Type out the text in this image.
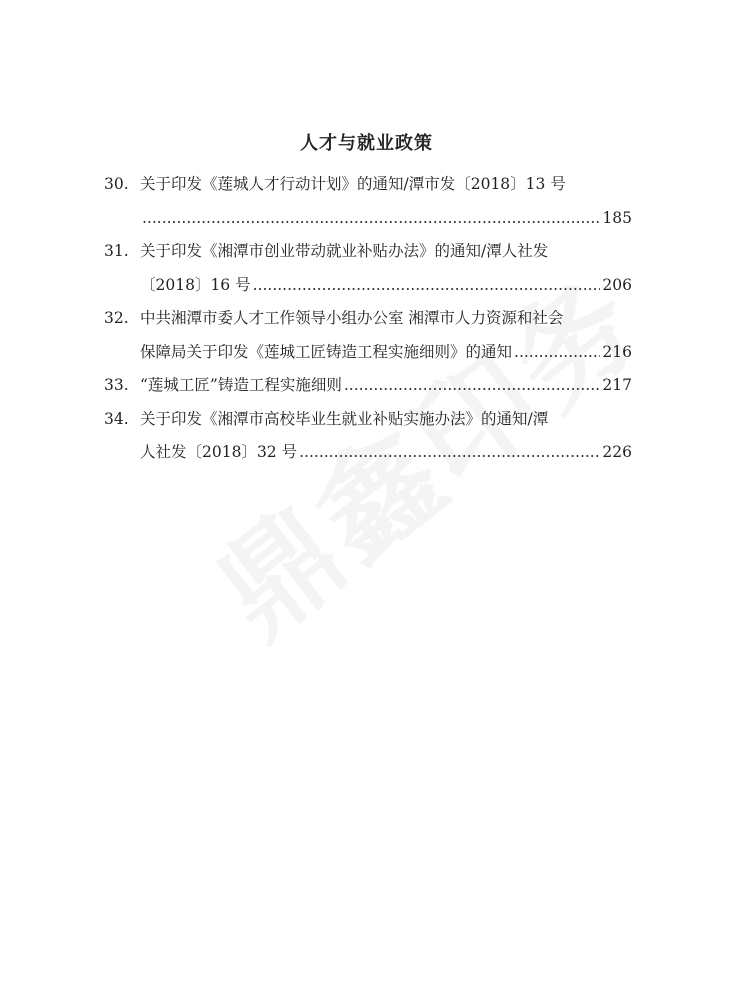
人才与就业政策
30. 关于印发《莲城人才行动计划》的通知/潭市发〔2018〕13 号
.....
185
31. 关于印发《湘潭市创业带动就业补贴办法》的通知/潭人社发
〔2018〕16 号 .....	206
32. 中共湘潭市委人才工作领导小组办公室 湘潭市人力资源和社会
保障局关于印发《莲城工匠铸造工程实施细则》的通知 .....	216
33. “莲城工匠”铸造工程实施细则 .....	217
34. 关于印发《湘潭市高校毕业生就业补贴实施办法》的通知/潭
人社发〔2018〕32 号 .....	226
